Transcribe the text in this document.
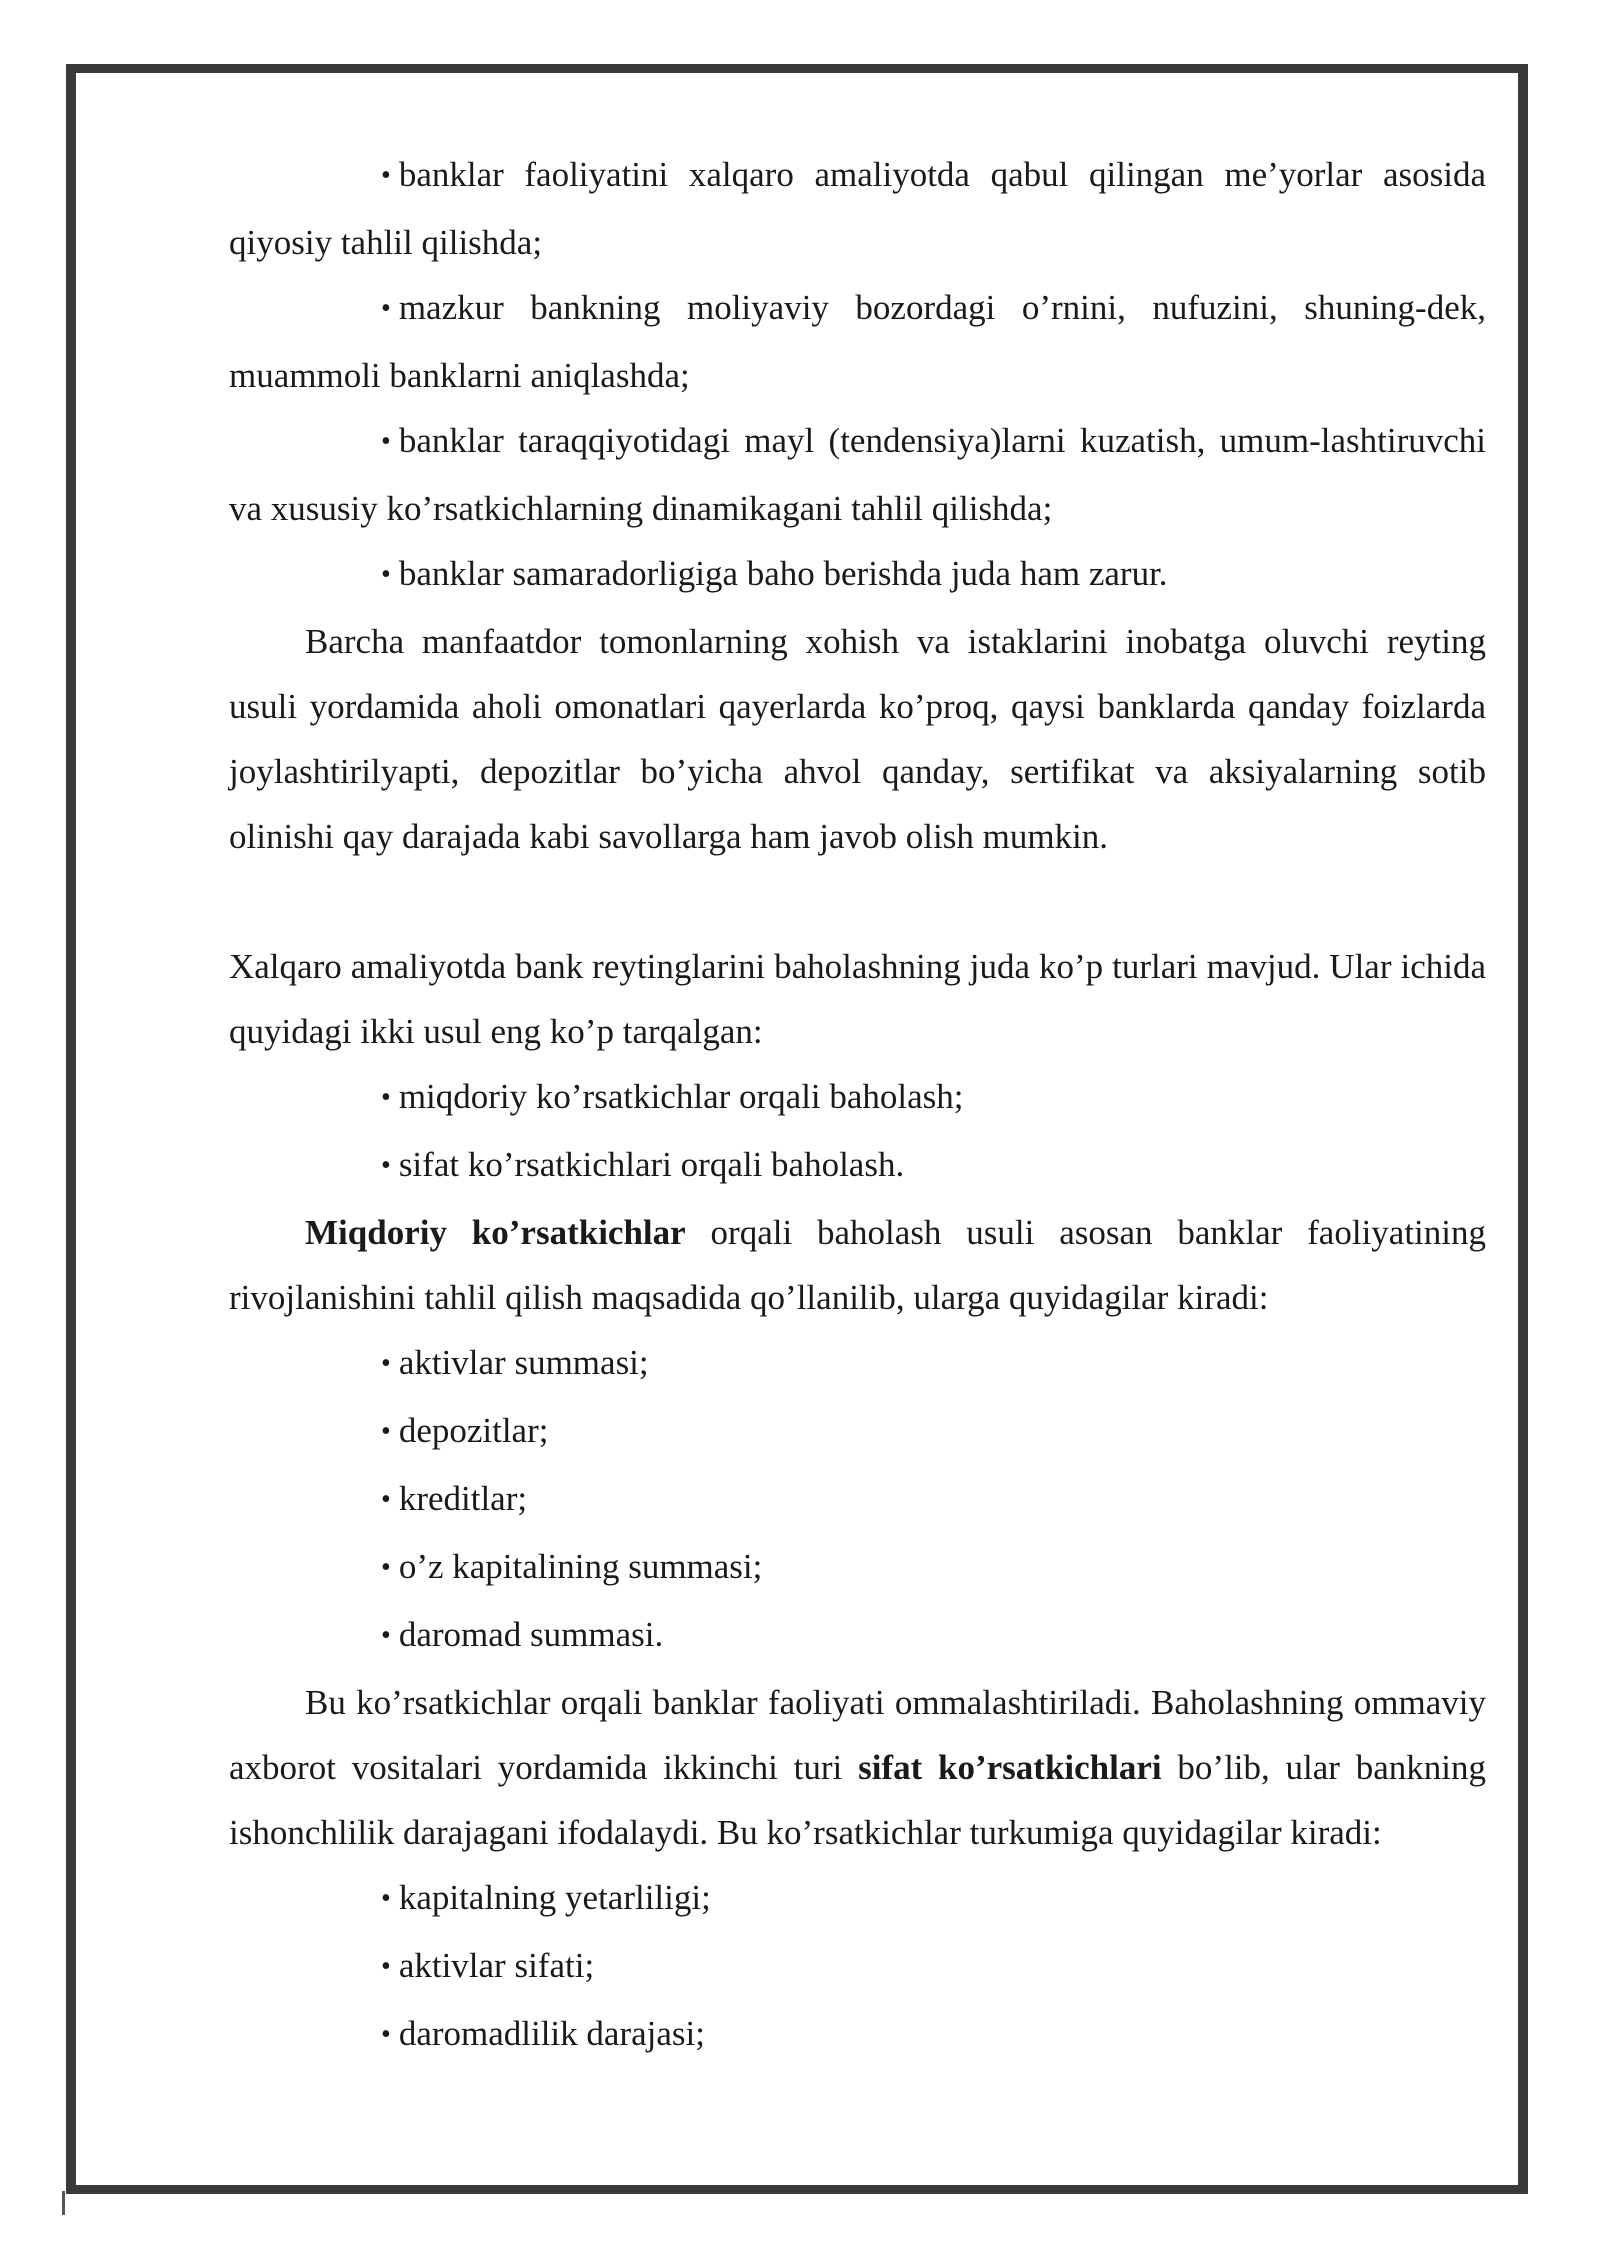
•banklar faoliyatini xalqaro amaliyotda qabul qilingan me’yorlar asosida qiyosiy tahlil qilishda;

•mazkur bankning moliyaviy bozordagi o’rnini, nufuzini, shuning-dek, muammoli banklarni aniqlashda;

•banklar taraqqiyotidagi mayl (tendensiya)larni kuzatish, umum-lashtiruvchi va xususiy ko’rsatkichlarning dinamikagani tahlil qilishda;

•banklar samaradorligiga baho berishda juda ham zarur.

Barcha manfaatdor tomonlarning xohish va istaklarini inobatga oluvchi reyting usuli yordamida aholi omonatlari qayerlarda ko’proq, qaysi banklarda qanday foizlarda joylashtirilyapti, depozitlar bo’yicha ahvol qanday, sertifikat va aksiyalarning sotib olinishi qay darajada kabi savollarga ham javob olish mumkin.

Xalqaro amaliyotda bank reytinglarini baholashning juda ko’p turlari mavjud. Ular ichida quyidagi ikki usul eng ko’p tarqalgan:

•miqdoriy ko’rsatkichlar orqali baholash;

•sifat ko’rsatkichlari orqali baholash.

Miqdoriy ko’rsatkichlar orqali baholash usuli asosan banklar faoliyatining rivojlanishini tahlil qilish maqsadida qo’llanilib, ularga quyidagilar kiradi:

•aktivlar summasi;

•depozitlar;

•kreditlar;

•o’z kapitalining summasi;

•daromad summasi.

Bu ko’rsatkichlar orqali banklar faoliyati ommalashtiriladi. Baholashning ommaviy axborot vositalari yordamida ikkinchi turi sifat ko’rsatkichlari bo’lib, ular bankning ishonchlilik darajagani ifodalaydi. Bu ko’rsatkichlar turkumiga quyidagilar kiradi:

•kapitalning yetarliligi;

•aktivlar sifati;

•daromadlilik darajasi;
